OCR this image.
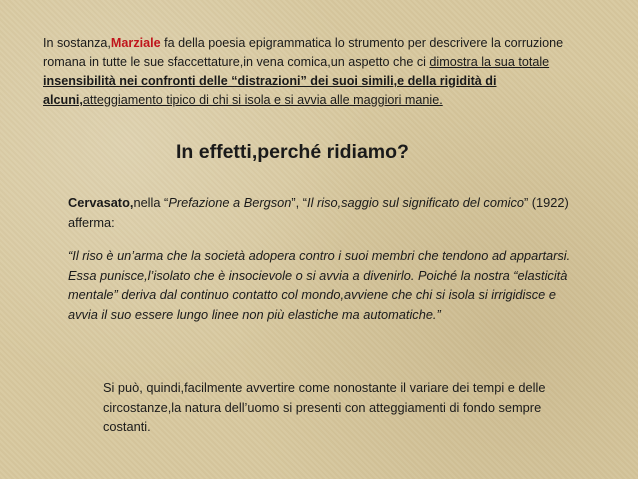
In sostanza,Marziale fa della poesia epigrammatica lo strumento per descrivere la corruzione romana in tutte le sue sfaccettature,in vena comica,un aspetto che ci dimostra la sua totale insensibilità nei confronti delle “distrazioni” dei suoi simili,e della rigidità di alcuni,atteggiamento tipico di chi si isola e si avvia alle maggiori manie.

In effetti,perché ridiamo?

Cervasato,nella “Prefazione a Bergson”, “Il riso,saggio sul significato del comico” (1922) afferma:

“Il riso è un’arma che la società adopera contro i suoi membri che tendono ad appartarsi. Essa punisce,l’isolato che è insocievole o si avvia a divenirlo. Poiché la nostra “elasticità mentale” deriva dal continuo contatto col mondo,avviene che chi si isola si irrigidisce e avvia il suo essere lungo linee non più elastiche ma automatiche.”

Si può, quindi,facilmente avvertire come nonostante il variare dei tempi e delle circostanze,la natura dell’uomo si presenti con atteggiamenti di fondo sempre costanti.
